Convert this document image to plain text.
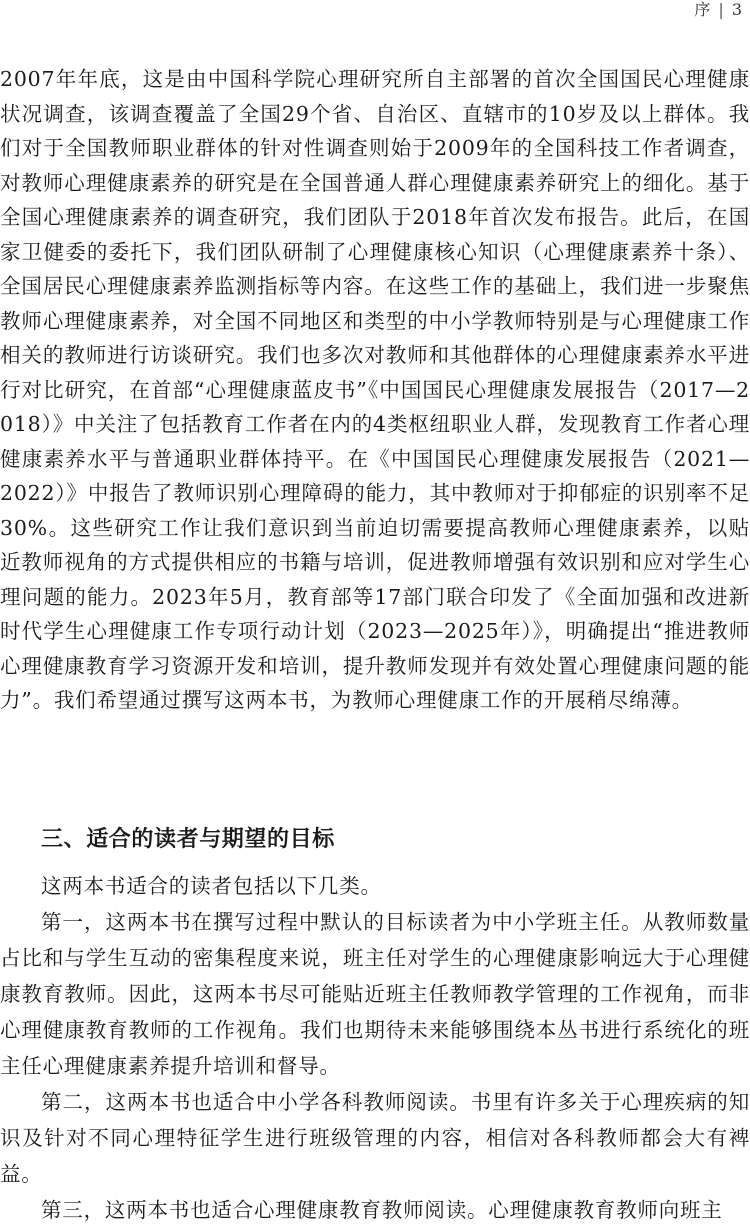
序 | 3

2007年年底，这是由中国科学院心理研究所自主部署的首次全国国民心理健康状况调查，该调查覆盖了全国29个省、自治区、直辖市的10岁及以上群体。我们对于全国教师职业群体的针对性调查则始于2009年的全国科技工作者调查，对教师心理健康素养的研究是在全国普通人群心理健康素养研究上的细化。基于全国心理健康素养的调查研究，我们团队于2018年首次发布报告。此后，在国家卫健委的委托下，我们团队研制了心理健康核心知识（心理健康素养十条）、全国居民心理健康素养监测指标等内容。在这些工作的基础上，我们进一步聚焦教师心理健康素养，对全国不同地区和类型的中小学教师特别是与心理健康工作相关的教师进行访谈研究。我们也多次对教师和其他群体的心理健康素养水平进行对比研究，在首部“心理健康蓝皮书”《中国国民心理健康发展报告（2017—2018）》中关注了包括教育工作者在内的4类枢纽职业人群，发现教育工作者心理健康素养水平与普通职业群体持平。在《中国国民心理健康发展报告（2021—2022）》中报告了教师识别心理障碍的能力，其中教师对于抑郁症的识别率不足30%。这些研究工作让我们意识到当前迫切需要提高教师心理健康素养，以贴近教师视角的方式提供相应的书籍与培训，促进教师增强有效识别和应对学生心理问题的能力。2023年5月，教育部等17部门联合印发了《全面加强和改进新时代学生心理健康工作专项行动计划（2023—2025年）》，明确提出“推进教师心理健康教育学习资源开发和培训，提升教师发现并有效处置心理健康问题的能力”。我们希望通过撰写这两本书，为教师心理健康工作的开展稍尽绵薄。

三、适合的读者与期望的目标

这两本书适合的读者包括以下几类。

第一，这两本书在撰写过程中默认的目标读者为中小学班主任。从教师数量占比和与学生互动的密集程度来说，班主任对学生的心理健康影响远大于心理健康教育教师。因此，这两本书尽可能贴近班主任教师教学管理的工作视角，而非心理健康教育教师的工作视角。我们也期待未来能够围绕本丛书进行系统化的班主任心理健康素养提升培训和督导。

第二，这两本书也适合中小学各科教师阅读。书里有许多关于心理疾病的知识及针对不同心理特征学生进行班级管理的内容，相信对各科教师都会大有裨益。

第三，这两本书也适合心理健康教育教师阅读。心理健康教育教师向班主
